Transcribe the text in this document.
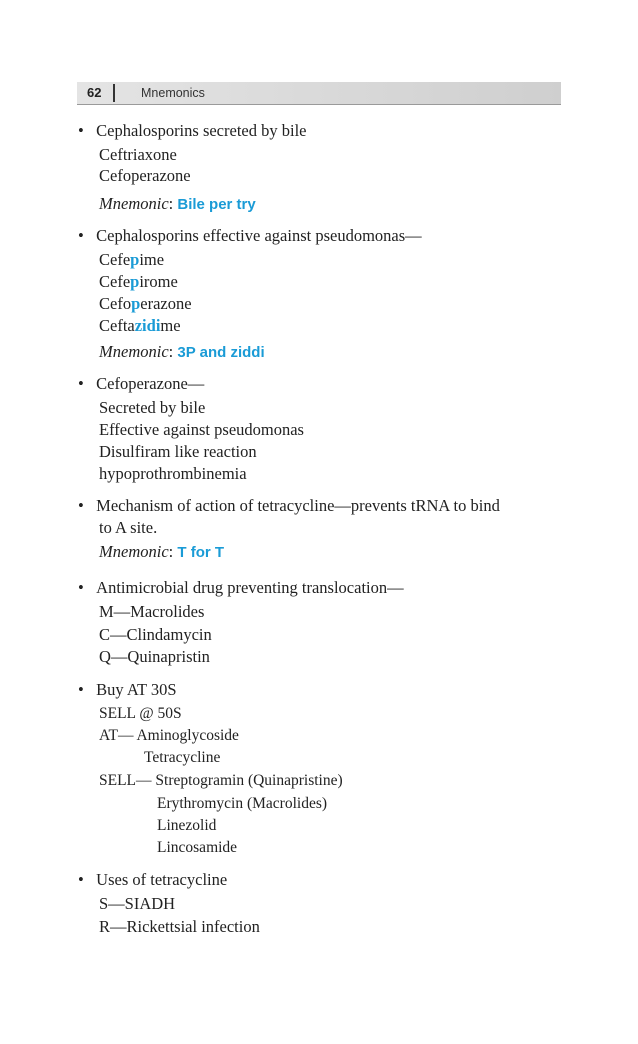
62	Mnemonics
• Cephalosporins secreted by bile
Ceftriaxone
Cefoperazone
Mnemonic: Bile per try
• Cephalosporins effective against pseudomonas—
Cefepime
Cefepirome
Cefoperazone
Ceftazidime
Mnemonic: 3P and ziddi
• Cefoperazone—
Secreted by bile
Effective against pseudomonas
Disulfiram like reaction
hypoprothrombinemia
• Mechanism of action of tetracycline—prevents tRNA to bind
to A site.
Mnemonic: T for T
• Antimicrobial drug preventing translocation—
M—Macrolides
C—Clindamycin
Q—Quinapristin
• Buy AT 30S
SELL @ 50S
AT— Aminoglycoside
Tetracycline
SELL— Streptogramin (Quinapristine)
Erythromycin (Macrolides)
Linezolid
Lincosamide
• Uses of tetracycline
S—SIADH
R—Rickettsial infection
